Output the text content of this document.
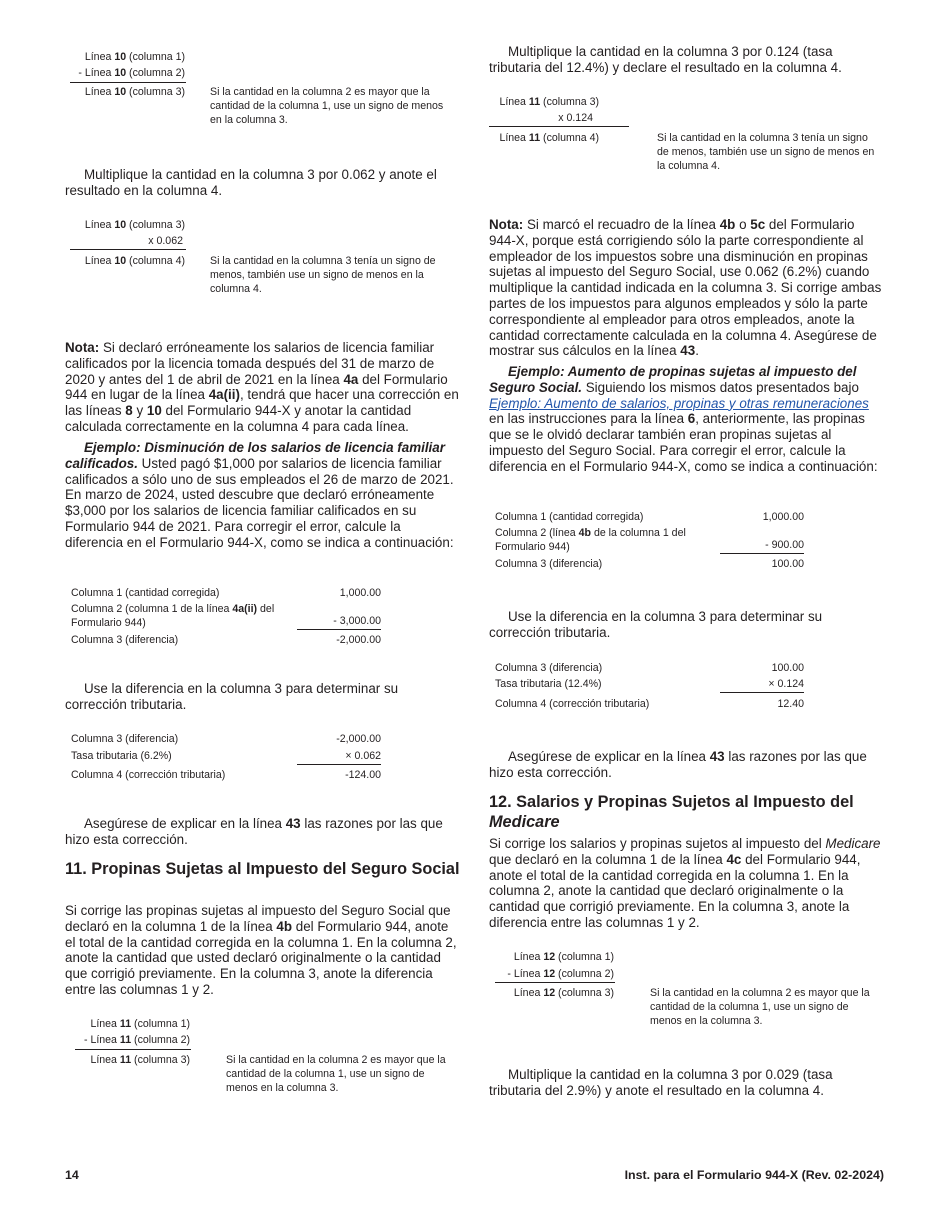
Línea 10 (columna 1)
- Línea 10 (columna 2)
Línea 10 (columna 3) Si la cantidad en la columna 2 es mayor que la cantidad de la columna 1, use un signo de menos en la columna 3.

Multiplique la cantidad en la columna 3 por 0.062 y anote el resultado en la columna 4.

Línea 10 (columna 3)
x 0.062
Línea 10 (columna 4) Si la cantidad en la columna 3 tenía un signo de menos, también use un signo de menos en la columna 4.

Nota: Si declaró erróneamente los salarios de licencia familiar calificados por la licencia tomada después del 31 de marzo de 2020 y antes del 1 de abril de 2021 en la línea 4a del Formulario 944 en lugar de la línea 4a(ii), tendrá que hacer una corrección en las líneas 8 y 10 del Formulario 944-X y anotar la cantidad calculada correctamente en la columna 4 para cada línea.

Ejemplo: Disminución de los salarios de licencia familiar calificados. Usted pagó $1,000 por salarios de licencia familiar calificados a sólo uno de sus empleados el 26 de marzo de 2021. En marzo de 2024, usted descubre que declaró erróneamente $3,000 por los salarios de licencia familiar calificados en su Formulario 944 de 2021. Para corregir el error, calcule la diferencia en el Formulario 944-X, como se indica a continuación:

Columna 1 (cantidad corregida)	1,000.00
Columna 2 (columna 1 de la línea 4a(ii) del Formulario 944)	- 3,000.00
Columna 3 (diferencia)	-2,000.00

Use la diferencia en la columna 3 para determinar su corrección tributaria.

Columna 3 (diferencia)	-2,000.00
Tasa tributaria (6.2%)	× 0.062
Columna 4 (corrección tributaria)	-124.00

Asegúrese de explicar en la línea 43 las razones por las que hizo esta corrección.

11. Propinas Sujetas al Impuesto del Seguro Social

Si corrige las propinas sujetas al impuesto del Seguro Social que declaró en la columna 1 de la línea 4b del Formulario 944, anote el total de la cantidad corregida en la columna 1. En la columna 2, anote la cantidad que usted declaró originalmente o la cantidad que corrigió previamente. En la columna 3, anote la diferencia entre las columnas 1 y 2.

Línea 11 (columna 1)
- Línea 11 (columna 2)
Línea 11 (columna 3)	Si la cantidad en la columna 2 es mayor que la cantidad de la columna 1, use un signo de menos en la columna 3.

Multiplique la cantidad en la columna 3 por 0.124 (tasa tributaria del 12.4%) y declare el resultado en la columna 4.

Línea 11 (columna 3)
x 0.124
Línea 11 (columna 4)	Si la cantidad en la columna 3 tenía un signo de menos, también use un signo de menos en la columna 4.

Nota: Si marcó el recuadro de la línea 4b o 5c del Formulario 944-X, porque está corrigiendo sólo la parte correspondiente al empleador de los impuestos sobre una disminución en propinas sujetas al impuesto del Seguro Social, use 0.062 (6.2%) cuando multiplique la cantidad indicada en la columna 3. Si corrige ambas partes de los impuestos para algunos empleados y sólo la parte correspondiente al empleador para otros empleados, anote la cantidad correctamente calculada en la columna 4. Asegúrese de mostrar sus cálculos en la línea 43.

Ejemplo: Aumento de propinas sujetas al impuesto del Seguro Social. Siguiendo los mismos datos presentados bajo Ejemplo: Aumento de salarios, propinas y otras remuneraciones en las instrucciones para la línea 6, anteriormente, las propinas que se le olvidó declarar también eran propinas sujetas al impuesto del Seguro Social. Para corregir el error, calcule la diferencia en el Formulario 944-X, como se indica a continuación:

Columna 1 (cantidad corregida)	1,000.00
Columna 2 (línea 4b de la columna 1 del Formulario 944)	- 900.00
Columna 3 (diferencia)	100.00

Use la diferencia en la columna 3 para determinar su corrección tributaria.

Columna 3 (diferencia)	100.00
Tasa tributaria (12.4%)	× 0.124
Columna 4 (corrección tributaria)	12.40

Asegúrese de explicar en la línea 43 las razones por las que hizo esta corrección.

12. Salarios y Propinas Sujetos al Impuesto del Medicare

Si corrige los salarios y propinas sujetos al impuesto del Medicare que declaró en la columna 1 de la línea 4c del Formulario 944, anote el total de la cantidad corregida en la columna 1. En la columna 2, anote la cantidad que declaró originalmente o la cantidad que corrigió previamente. En la columna 3, anote la diferencia entre las columnas 1 y 2.

Línea 12 (columna 1)
- Línea 12 (columna 2)
Línea 12 (columna 3)	Si la cantidad en la columna 2 es mayor que la cantidad de la columna 1, use un signo de menos en la columna 3.

Multiplique la cantidad en la columna 3 por 0.029 (tasa tributaria del 2.9%) y anote el resultado en la columna 4.

14	Inst. para el Formulario 944-X (Rev. 02-2024)
